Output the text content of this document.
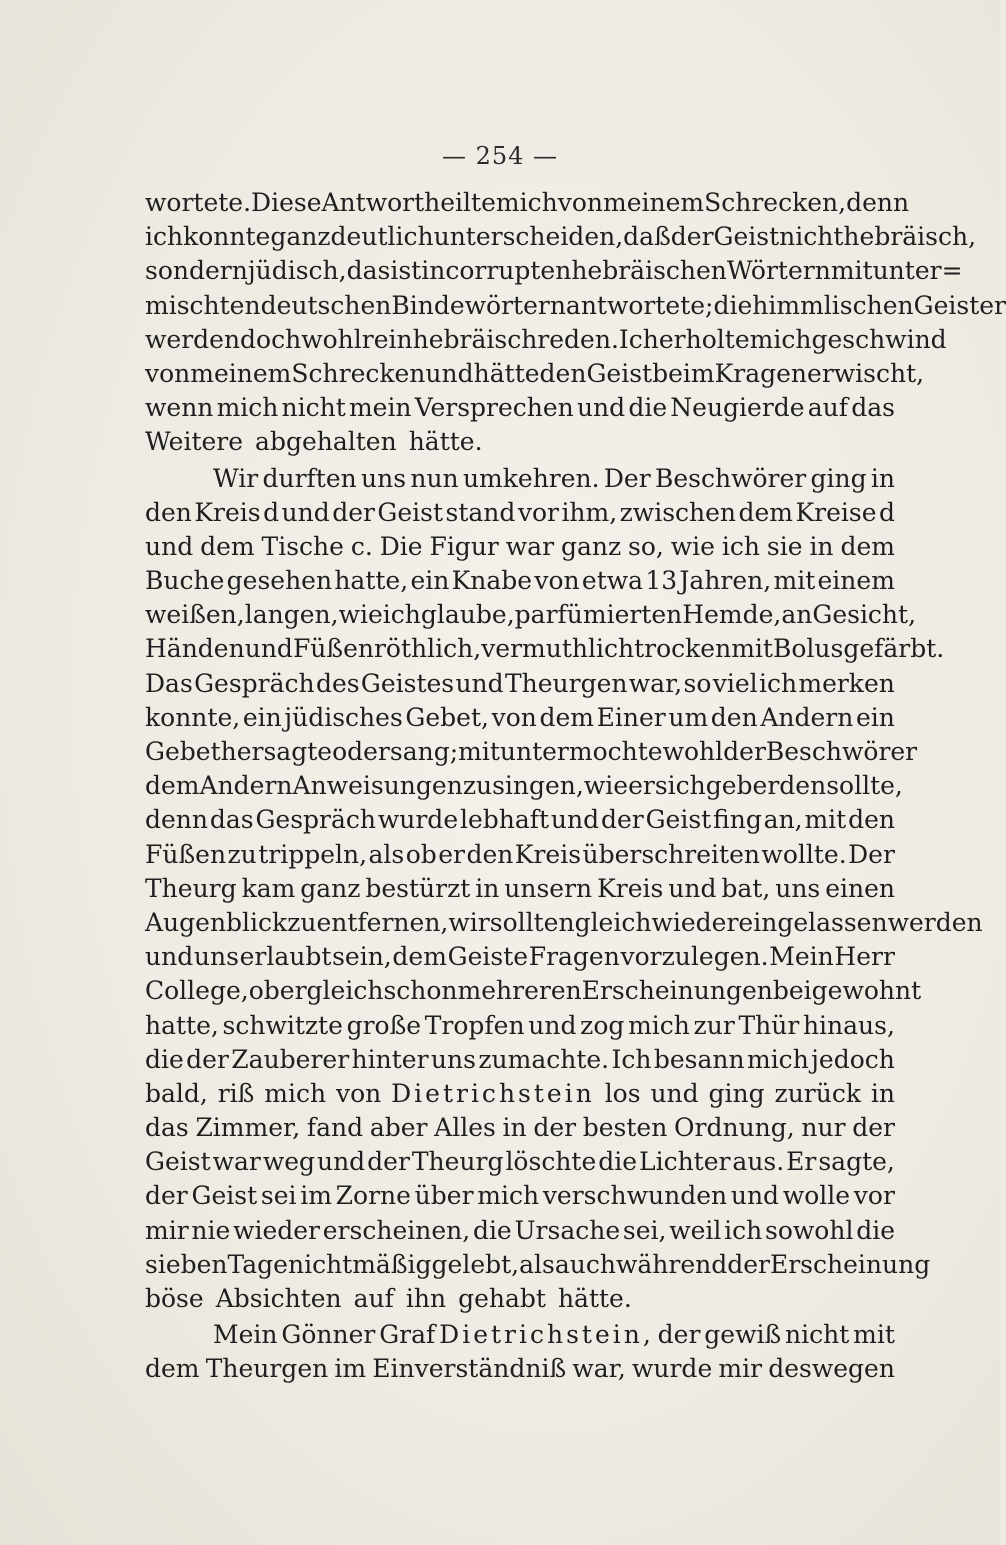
— 254 —
wortete. Diese Antwort heilte mich von meinem Schrecken, denn
ich konnte ganz deutlich unterscheiden, daß der Geist nicht hebräisch,
sondern jüdisch, das ist in corrupten hebräischen Wörtern mit unter=
mischten deutschen Bindewörtern antwortete; die himmlischen Geister
werden doch wohl rein hebräisch reden. Ich erholte mich geschwind
von meinem Schrecken und hätte den Geist beim Kragen erwischt,
wenn mich nicht mein Versprechen und die Neugierde auf das
Weitere abgehalten hätte.
Wir durften uns nun umkehren. Der Beschwörer ging in
den Kreis d und der Geist stand vor ihm, zwischen dem Kreise d
und dem Tische c. Die Figur war ganz so, wie ich sie in dem
Buche gesehen hatte, ein Knabe von etwa 13 Jahren, mit einem
weißen, langen, wie ich glaube, parfümierten Hemde, an Gesicht,
Händen und Füßen röthlich, vermuthlich trocken mit Bolus gefärbt.
Das Gespräch des Geistes und Theurgen war, so viel ich merken
konnte, ein jüdisches Gebet, von dem Einer um den Andern ein
Gebet hersagte oder sang; mitunter mochte wohl der Beschwörer
dem Andern Anweisungen zusingen, wie er sich geberden sollte,
denn das Gespräch wurde lebhaft und der Geist fing an, mit den
Füßen zu trippeln, als ob er den Kreis überschreiten wollte. Der
Theurg kam ganz bestürzt in unsern Kreis und bat, uns einen
Augenblick zu entfernen, wir sollten gleich wieder eingelassen werden
und uns erlaubt sein, dem Geiste Fragen vorzulegen. Mein Herr
College, ob er gleich schon mehreren Erscheinungen beigewohnt
hatte, schwitzte große Tropfen und zog mich zur Thür hinaus,
die der Zauberer hinter uns zumachte. Ich besann mich jedoch
bald, riß mich von Dietrichstein los und ging zurück in
das Zimmer, fand aber Alles in der besten Ordnung, nur der
Geist war weg und der Theurg löschte die Lichter aus. Er sagte,
der Geist sei im Zorne über mich verschwunden und wolle vor
mir nie wieder erscheinen, die Ursache sei, weil ich sowohl die
sieben Tage nicht mäßig gelebt, als auch während der Erscheinung
böse Absichten auf ihn gehabt hätte.
Mein Gönner Graf Dietrichstein, der gewiß nicht mit
dem Theurgen im Einverständniß war, wurde mir deswegen
